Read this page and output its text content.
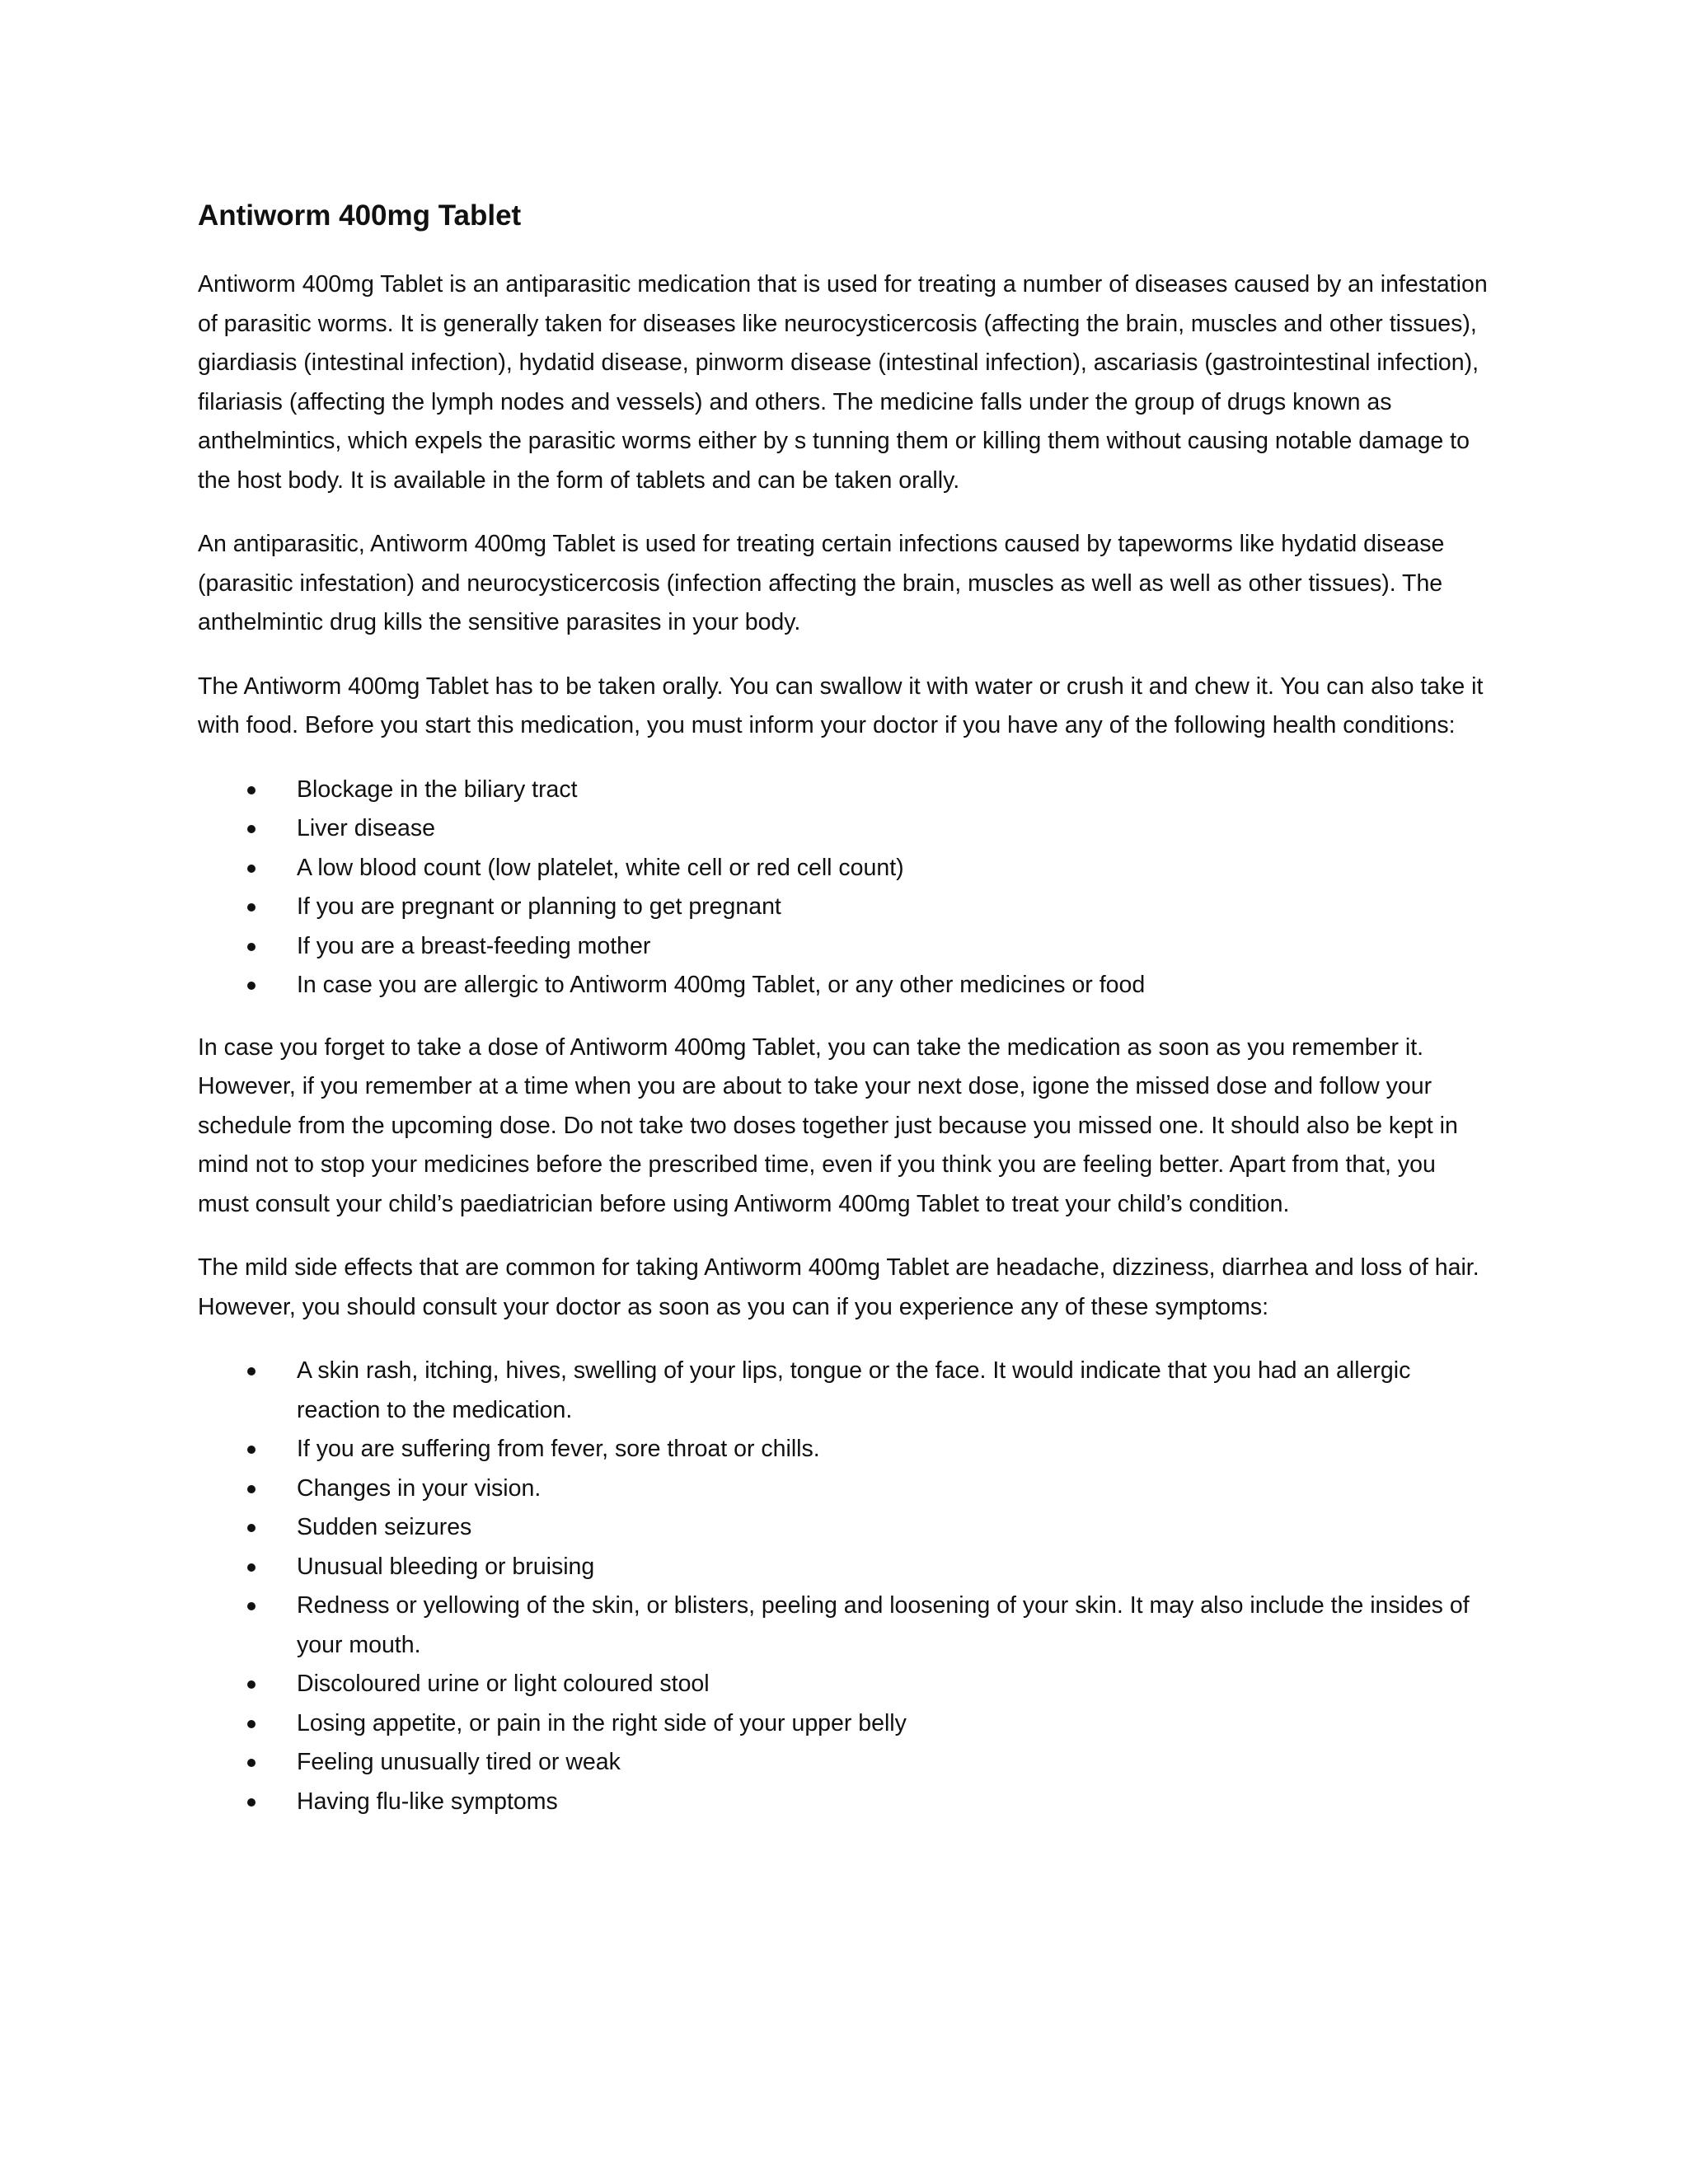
Antiworm 400mg Tablet

Antiworm 400mg Tablet is an antiparasitic medication that is used for treating a number of diseases caused by an infestation of parasitic worms. It is generally taken for diseases like neurocysticercosis (affecting the brain, muscles and other tissues), giardiasis (intestinal infection), hydatid disease, pinworm disease (intestinal infection), ascariasis (gastrointestinal infection), filariasis (affecting the lymph nodes and vessels) and others. The medicine falls under the group of drugs known as anthelmintics, which expels the parasitic worms either by s tunning them or killing them without causing notable damage to the host body. It is available in the form of tablets and can be taken orally.

An antiparasitic, Antiworm 400mg Tablet is used for treating certain infections caused by tapeworms like hydatid disease (parasitic infestation) and neurocysticercosis (infection affecting the brain, muscles as well as well as other tissues). The anthelmintic drug kills the sensitive parasites in your body.

The Antiworm 400mg Tablet has to be taken orally. You can swallow it with water or crush it and chew it. You can also take it with food. Before you start this medication, you must inform your doctor if you have any of the following health conditions:

Blockage in the biliary tract
Liver disease
A low blood count (low platelet, white cell or red cell count)
If you are pregnant or planning to get pregnant
If you are a breast-feeding mother
In case you are allergic to Antiworm 400mg Tablet, or any other medicines or food

In case you forget to take a dose of Antiworm 400mg Tablet, you can take the medication as soon as you remember it. However, if you remember at a time when you are about to take your next dose, igone the missed dose and follow your schedule from the upcoming dose. Do not take two doses together just because you missed one. It should also be kept in mind not to stop your medicines before the prescribed time, even if you think you are feeling better. Apart from that, you must consult your child’s paediatrician before using Antiworm 400mg Tablet to treat your child’s condition.

The mild side effects that are common for taking Antiworm 400mg Tablet are headache, dizziness, diarrhea and loss of hair. However, you should consult your doctor as soon as you can if you experience any of these symptoms:

A skin rash, itching, hives, swelling of your lips, tongue or the face. It would indicate that you had an allergic reaction to the medication.
If you are suffering from fever, sore throat or chills.
Changes in your vision.
Sudden seizures
Unusual bleeding or bruising
Redness or yellowing of the skin, or blisters, peeling and loosening of your skin. It may also include the insides of your mouth.
Discoloured urine or light coloured stool
Losing appetite, or pain in the right side of your upper belly
Feeling unusually tired or weak
Having flu-like symptoms
